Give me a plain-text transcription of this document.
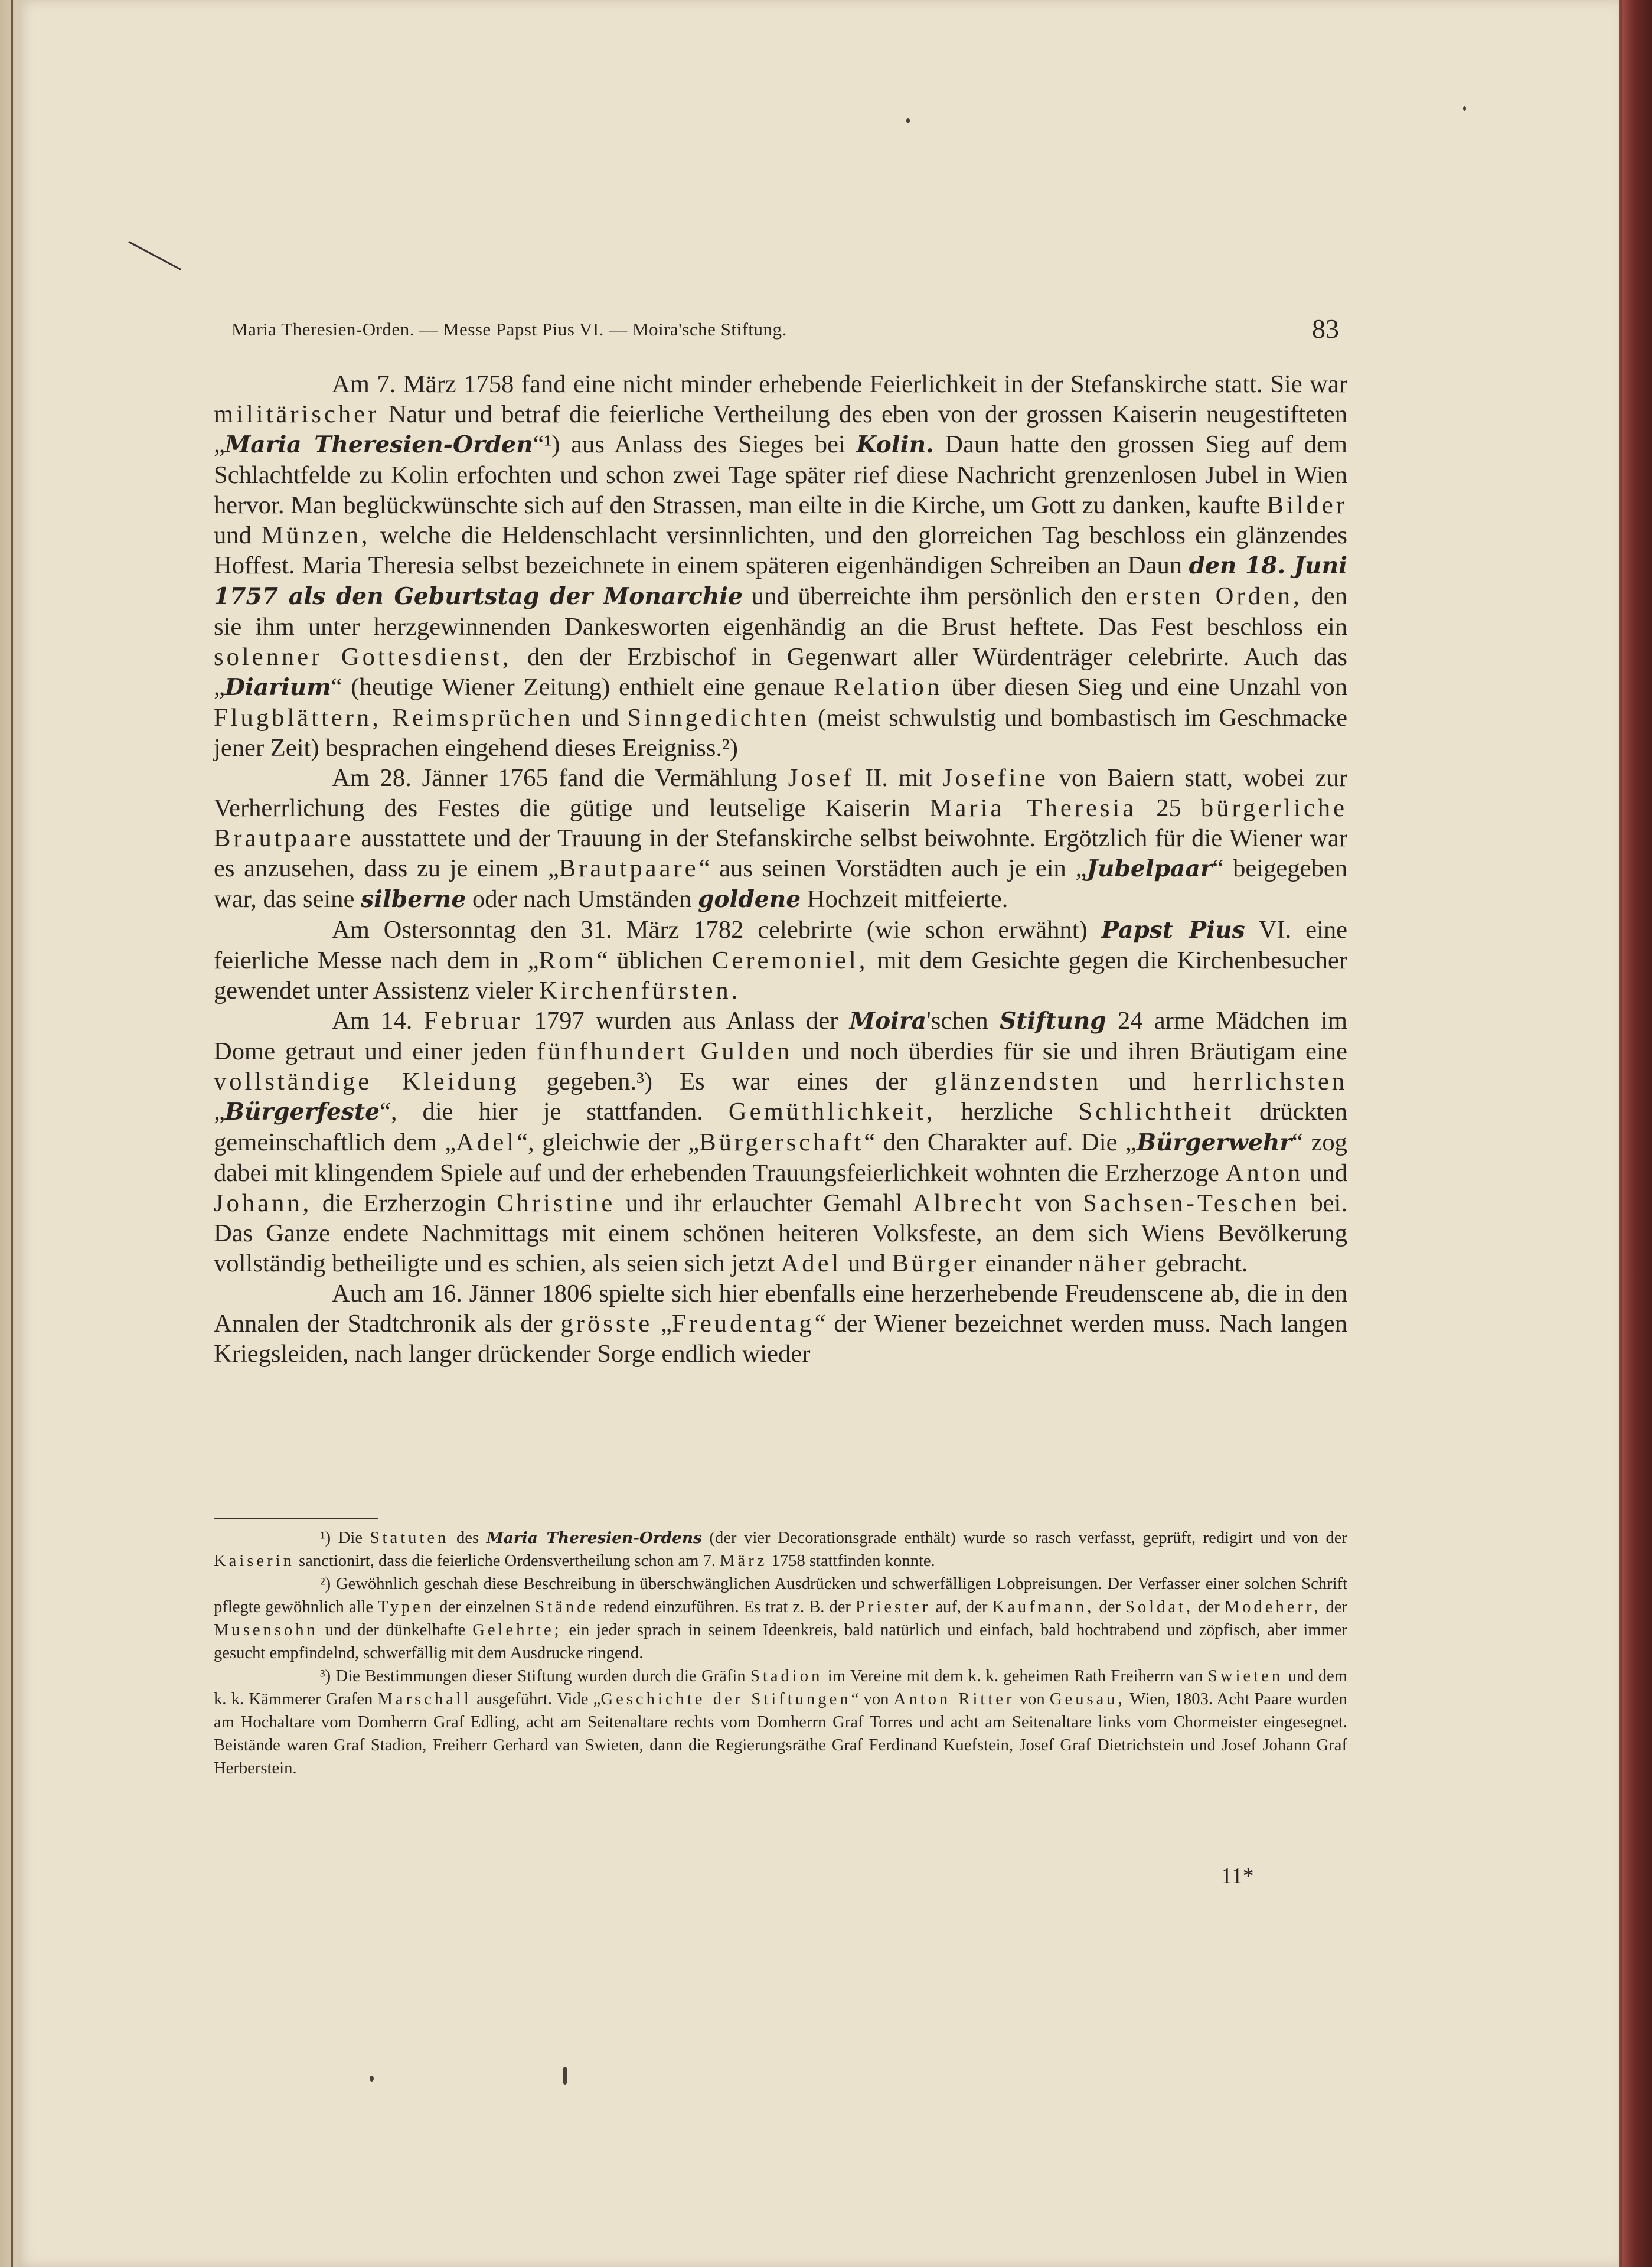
Maria Theresien-Orden. — Messe Papst Pius VI. — Moira'sche Stiftung.	83

Am 7. März 1758 fand eine nicht minder erhebende Feierlichkeit in der Stefanskirche statt. Sie war militärischer Natur und betraf die feierliche Vertheilung des eben von der grossen Kaiserin neugestifteten „Maria Theresien-Orden“¹) aus Anlass des Sieges bei Kolin. Daun hatte den grossen Sieg auf dem Schlachtfelde zu Kolin erfochten und schon zwei Tage später rief diese Nachricht grenzenlosen Jubel in Wien hervor. Man beglückwünschte sich auf den Strassen, man eilte in die Kirche, um Gott zu danken, kaufte Bilder und Münzen, welche die Heldenschlacht versinnlichten, und den glorreichen Tag beschloss ein glänzendes Hoffest. Maria Theresia selbst bezeichnete in einem späteren eigenhändigen Schreiben an Daun den 18. Juni 1757 als den Geburtstag der Monarchie und überreichte ihm persönlich den ersten Orden, den sie ihm unter herzgewinnenden Dankesworten eigenhändig an die Brust heftete. Das Fest beschloss ein solenner Gottesdienst, den der Erzbischof in Gegenwart aller Würdenträger celebrirte. Auch das „Diarium“ (heutige Wiener Zeitung) enthielt eine genaue Relation über diesen Sieg und eine Unzahl von Flugblättern, Reimsprüchen und Sinngedichten (meist schwulstig und bombastisch im Geschmacke jener Zeit) besprachen eingehend dieses Ereigniss.²)

Am 28. Jänner 1765 fand die Vermählung Josef II. mit Josefine von Baiern statt, wobei zur Verherrlichung des Festes die gütige und leutselige Kaiserin Maria Theresia 25 bürgerliche Brautpaare ausstattete und der Trauung in der Stefanskirche selbst beiwohnte. Ergötzlich für die Wiener war es anzusehen, dass zu je einem „Brautpaare“ aus seinen Vorstädten auch je ein „Jubelpaar“ beigegeben war, das seine silberne oder nach Umständen goldene Hochzeit mitfeierte.

Am Ostersonntag den 31. März 1782 celebrirte (wie schon erwähnt) Papst Pius VI. eine feierliche Messe nach dem in „Rom“ üblichen Ceremoniel, mit dem Gesichte gegen die Kirchenbesucher gewendet unter Assistenz vieler Kirchenfürsten.

Am 14. Februar 1797 wurden aus Anlass der Moira'schen Stiftung 24 arme Mädchen im Dome getraut und einer jeden fünfhundert Gulden und noch überdies für sie und ihren Bräutigam eine vollständige Kleidung gegeben.³) Es war eines der glänzendsten und herrlichsten „Bürgerfeste“, die hier je stattfanden. Gemüthlichkeit, herzliche Schlichtheit drückten gemeinschaftlich dem „Adel“, gleichwie der „Bürgerschaft“ den Charakter auf. Die „Bürgerwehr“ zog dabei mit klingendem Spiele auf und der erhebenden Trauungsfeierlichkeit wohnten die Erzherzoge Anton und Johann, die Erzherzogin Christine und ihr erlauchter Gemahl Albrecht von Sachsen-Teschen bei. Das Ganze endete Nachmittags mit einem schönen heiteren Volksfeste, an dem sich Wiens Bevölkerung vollständig betheiligte und es schien, als seien sich jetzt Adel und Bürger einander näher gebracht.

Auch am 16. Jänner 1806 spielte sich hier ebenfalls eine herzerhebende Freudenscene ab, die in den Annalen der Stadtchronik als der grösste „Freudentag“ der Wiener bezeichnet werden muss. Nach langen Kriegsleiden, nach langer drückender Sorge endlich wieder

¹) Die Statuten des Maria Theresien-Ordens (der vier Decorationsgrade enthält) wurde so rasch verfasst, geprüft, redigirt und von der Kaiserin sanctionirt, dass die feierliche Ordensvertheilung schon am 7. März 1758 stattfinden konnte.

²) Gewöhnlich geschah diese Beschreibung in überschwänglichen Ausdrücken und schwerfälligen Lobpreisungen. Der Verfasser einer solchen Schrift pflegte gewöhnlich alle Typen der einzelnen Stände redend einzuführen. Es trat z. B. der Priester auf, der Kaufmann, der Soldat, der Modeherr, der Musensohn und der dünkelhafte Gelehrte; ein jeder sprach in seinem Ideenkreis, bald natürlich und einfach, bald hochtrabend und zöpfisch, aber immer gesucht empfindelnd, schwerfällig mit dem Ausdrucke ringend.

³) Die Bestimmungen dieser Stiftung wurden durch die Gräfin Stadion im Vereine mit dem k. k. geheimen Rath Freiherrn van Swieten und dem k. k. Kämmerer Grafen Marschall ausgeführt. Vide „Geschichte der Stiftungen“ von Anton Ritter von Geusau, Wien, 1803. Acht Paare wurden am Hochaltare vom Domherrn Graf Edling, acht am Seitenaltare rechts vom Domherrn Graf Torres und acht am Seitenaltare links vom Chormeister eingesegnet. Beistände waren Graf Stadion, Freiherr Gerhard van Swieten, dann die Regierungsräthe Graf Ferdinand Kuefstein, Josef Graf Dietrichstein und Josef Johann Graf Herberstein.

11*
